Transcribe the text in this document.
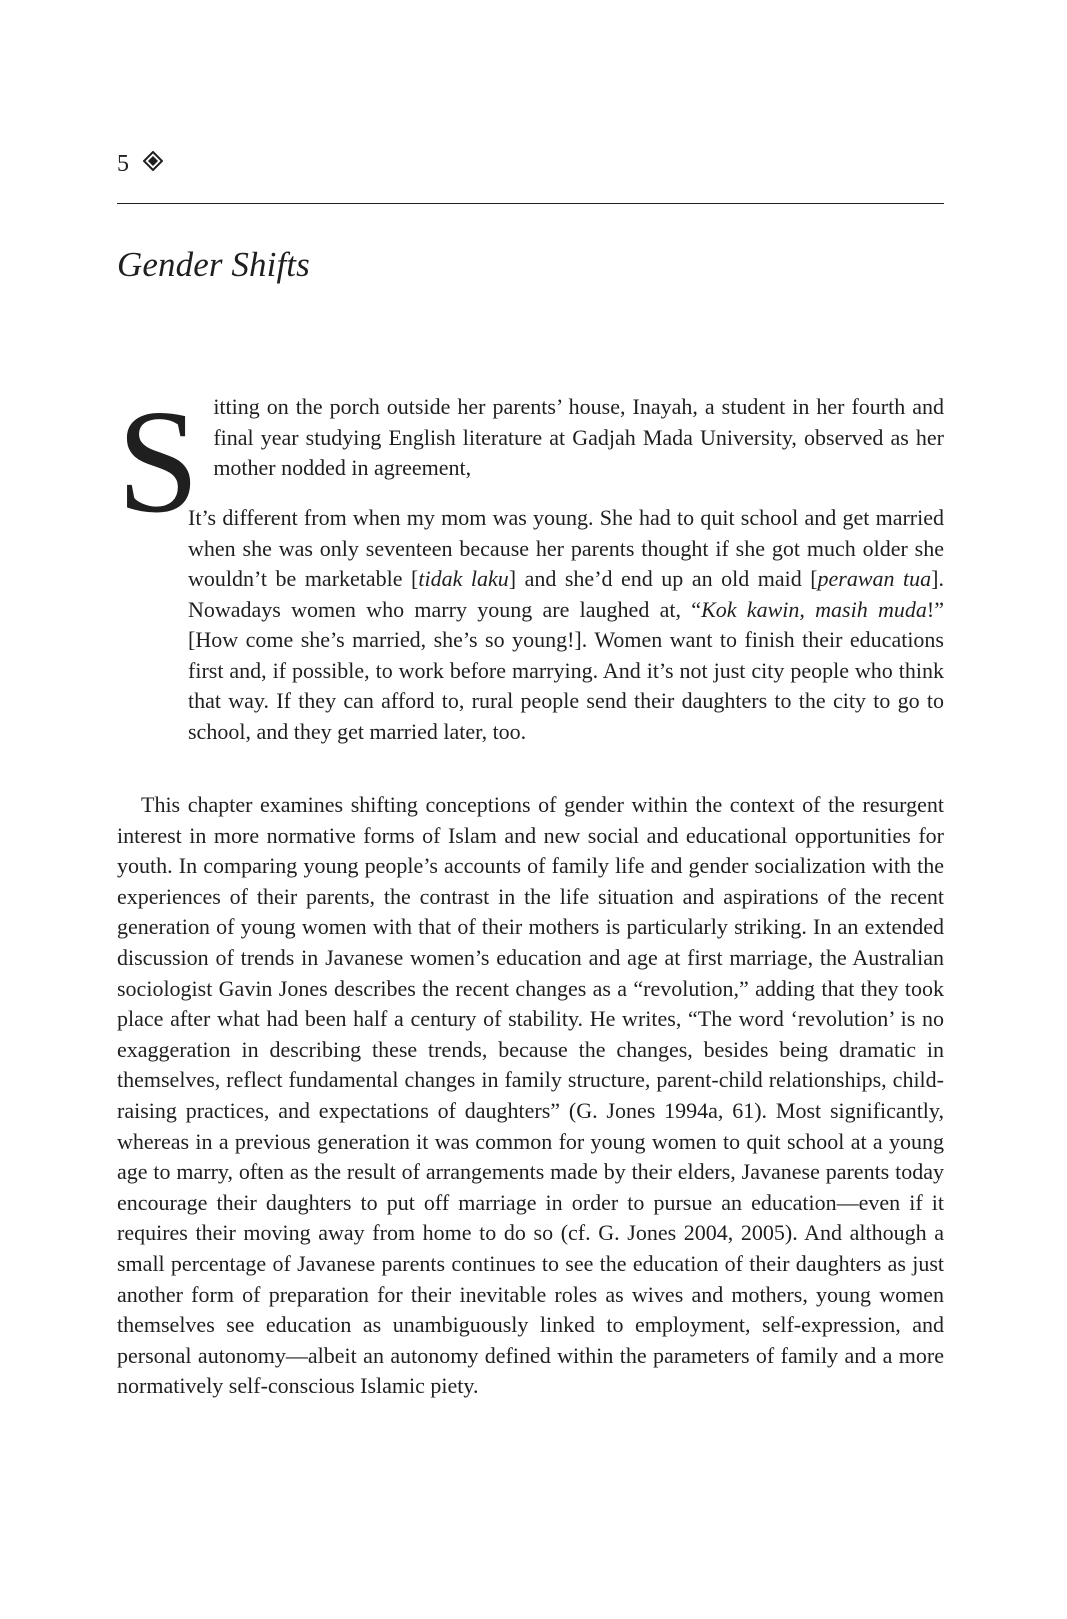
5
Gender Shifts
S itting on the porch outside her parents’ house, Inayah, a student in her fourth and final year studying English literature at Gadjah Mada University, observed as her mother nodded in agreement,
It’s different from when my mom was young. She had to quit school and get married when she was only seventeen because her parents thought if she got much older she wouldn’t be marketable [tidak laku] and she’d end up an old maid [perawan tua]. Nowadays women who marry young are laughed at, “Kok kawin, masih muda!” [How come she’s married, she’s so young!]. Women want to finish their educations first and, if possible, to work before marrying. And it’s not just city people who think that way. If they can afford to, rural people send their daughters to the city to go to school, and they get married later, too.
This chapter examines shifting conceptions of gender within the context of the resurgent interest in more normative forms of Islam and new social and educational opportunities for youth. In comparing young people’s accounts of family life and gender socialization with the experiences of their parents, the contrast in the life situation and aspirations of the recent generation of young women with that of their mothers is particularly striking. In an extended discussion of trends in Javanese women’s education and age at first marriage, the Australian sociologist Gavin Jones describes the recent changes as a “revolution,” adding that they took place after what had been half a century of stability. He writes, “The word ‘revolution’ is no exaggeration in describing these trends, because the changes, besides being dramatic in themselves, reflect fundamental changes in family structure, parent-child relationships, child-raising practices, and expectations of daughters” (G. Jones 1994a, 61). Most significantly, whereas in a previous generation it was common for young women to quit school at a young age to marry, often as the result of arrangements made by their elders, Javanese parents today encourage their daughters to put off marriage in order to pursue an education—even if it requires their moving away from home to do so (cf. G. Jones 2004, 2005). And although a small percentage of Javanese parents continues to see the education of their daughters as just another form of preparation for their inevitable roles as wives and mothers, young women themselves see education as unambiguously linked to employment, self-expression, and personal autonomy—albeit an autonomy defined within the parameters of family and a more normatively self-conscious Islamic piety.
